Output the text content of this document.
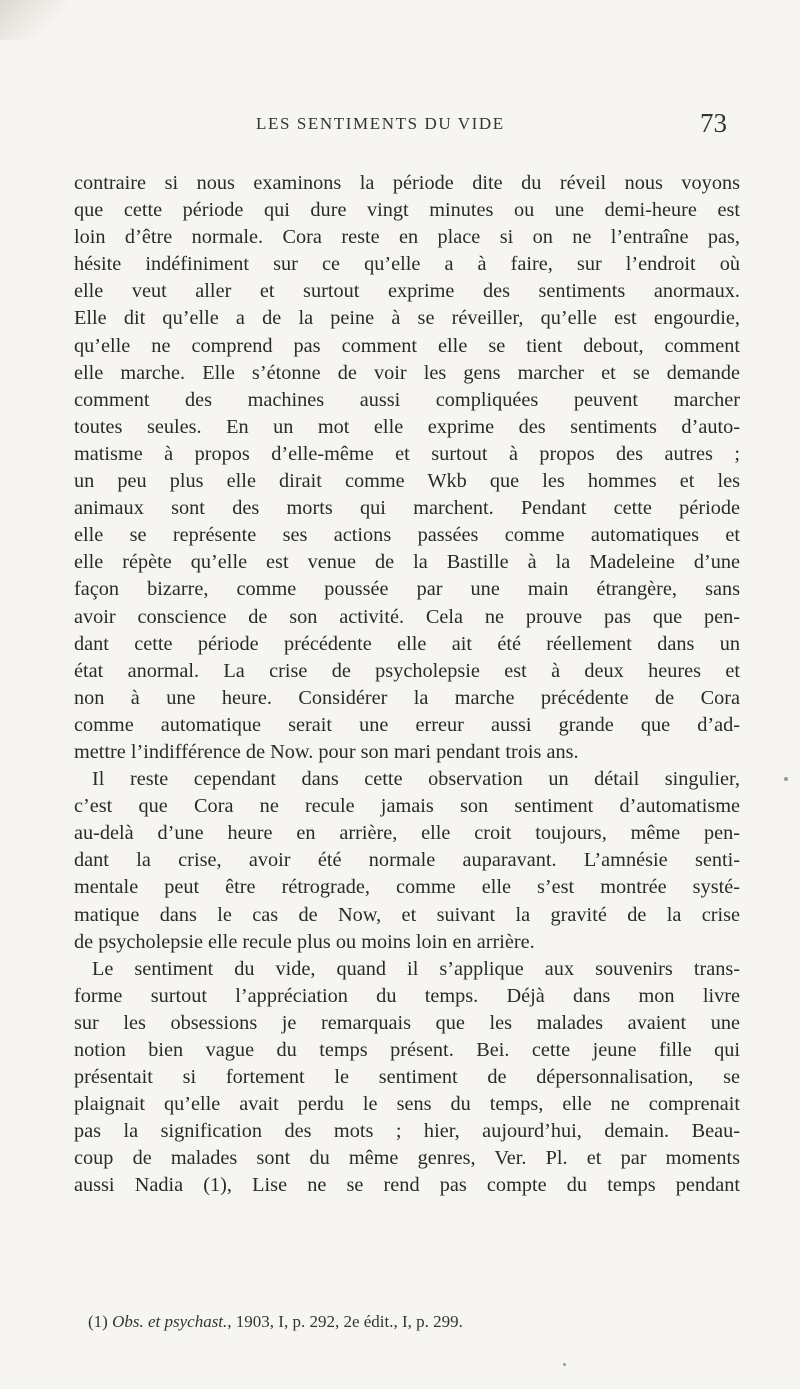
LES SENTIMENTS DU VIDE	73
contraire si nous examinons la période dite du réveil nous voyons
que cette période qui dure vingt minutes ou une demi-heure est
loin d’être normale. Cora reste en place si on ne l’entraîne pas,
hésite indéfiniment sur ce qu’elle a à faire, sur l’endroit où
elle veut aller et surtout exprime des sentiments anormaux.
Elle dit qu’elle a de la peine à se réveiller, qu’elle est engourdie,
qu’elle ne comprend pas comment elle se tient debout, comment
elle marche. Elle s’étonne de voir les gens marcher et se demande
comment des machines aussi compliquées peuvent marcher
toutes seules. En un mot elle exprime des sentiments d’auto-
matisme à propos d’elle-même et surtout à propos des autres ;
un peu plus elle dirait comme Wkb que les hommes et les
animaux sont des morts qui marchent. Pendant cette période
elle se représente ses actions passées comme automatiques et
elle répète qu’elle est venue de la Bastille à la Madeleine d’une
façon bizarre, comme poussée par une main étrangère, sans
avoir conscience de son activité. Cela ne prouve pas que pen-
dant cette période précédente elle ait été réellement dans un
état anormal. La crise de psycholepsie est à deux heures et
non à une heure. Considérer la marche précédente de Cora
comme automatique serait une erreur aussi grande que d’ad-
mettre l’indifférence de Now. pour son mari pendant trois ans.
Il reste cependant dans cette observation un détail singulier,
c’est que Cora ne recule jamais son sentiment d’automatisme
au-delà d’une heure en arrière, elle croit toujours, même pen-
dant la crise, avoir été normale auparavant. L’amnésie senti-
mentale peut être rétrograde, comme elle s’est montrée systé-
matique dans le cas de Now, et suivant la gravité de la crise
de psycholepsie elle recule plus ou moins loin en arrière.
Le sentiment du vide, quand il s’applique aux souvenirs trans-
forme surtout l’appréciation du temps. Déjà dans mon livre
sur les obsessions je remarquais que les malades avaient une
notion bien vague du temps présent. Bei. cette jeune fille qui
présentait si fortement le sentiment de dépersonnalisation, se
plaignait qu’elle avait perdu le sens du temps, elle ne comprenait
pas la signification des mots ; hier, aujourd’hui, demain. Beau-
coup de malades sont du même genres, Ver. Pl. et par moments
aussi Nadia (1), Lise ne se rend pas compte du temps pendant
(1) Obs. et psychast., 1903, I, p. 292, 2e édit., I, p. 299.
